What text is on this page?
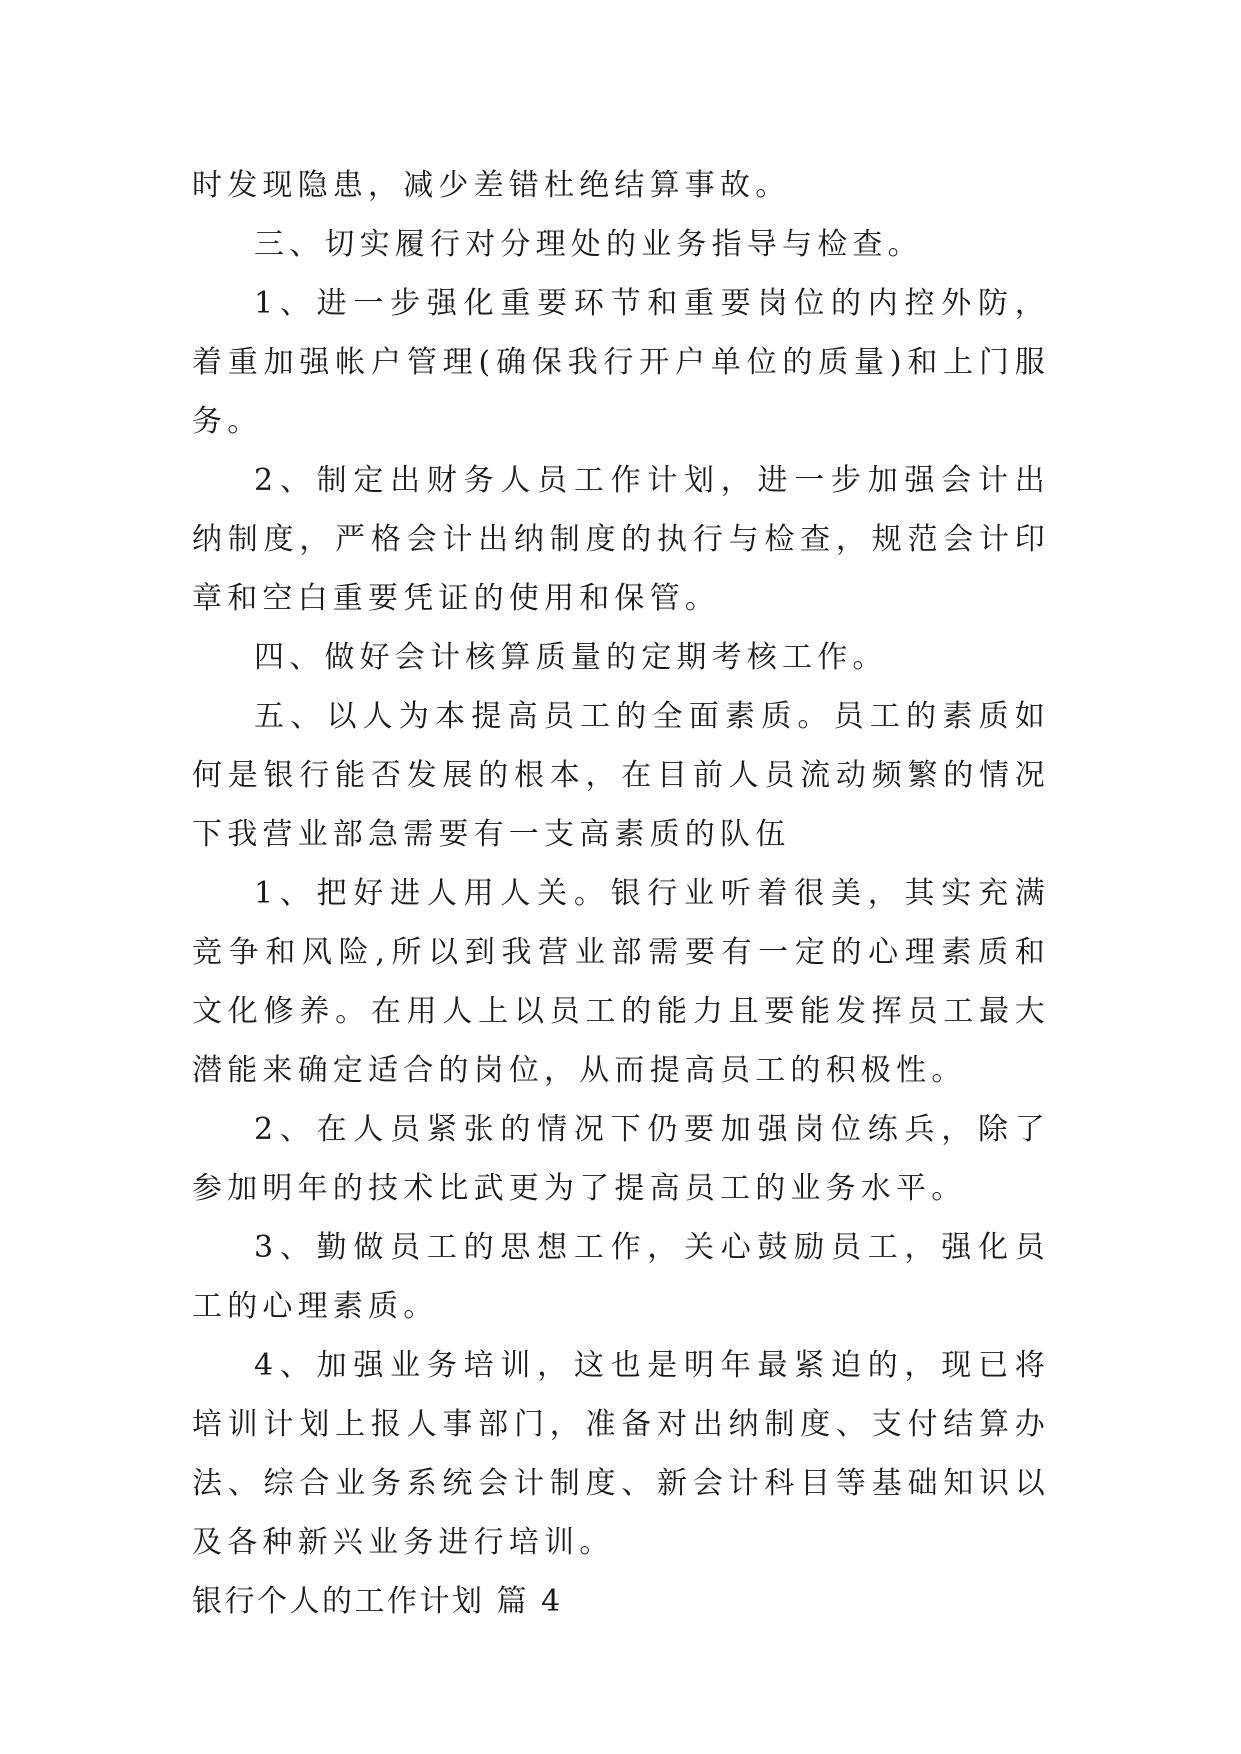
时发现隐患，减少差错杜绝结算事故。

三、切实履行对分理处的业务指导与检查。

1、进一步强化重要环节和重要岗位的内控外防，着重加强帐户管理(确保我行开户单位的质量)和上门服务。

2、制定出财务人员工作计划，进一步加强会计出纳制度，严格会计出纳制度的执行与检查，规范会计印章和空白重要凭证的使用和保管。

四、做好会计核算质量的定期考核工作。

五、以人为本提高员工的全面素质。员工的素质如何是银行能否发展的根本，在目前人员流动频繁的情况下我营业部急需要有一支高素质的队伍

1、把好进人用人关。银行业听着很美，其实充满竞争和风险,所以到我营业部需要有一定的心理素质和文化修养。在用人上以员工的能力且要能发挥员工最大潜能来确定适合的岗位，从而提高员工的积极性。

2、在人员紧张的情况下仍要加强岗位练兵，除了参加明年的技术比武更为了提高员工的业务水平。

3、勤做员工的思想工作，关心鼓励员工，强化员工的心理素质。

4、加强业务培训，这也是明年最紧迫的，现已将培训计划上报人事部门，准备对出纳制度、支付结算办法、综合业务系统会计制度、新会计科目等基础知识以及各种新兴业务进行培训。

银行个人的工作计划 篇 4
